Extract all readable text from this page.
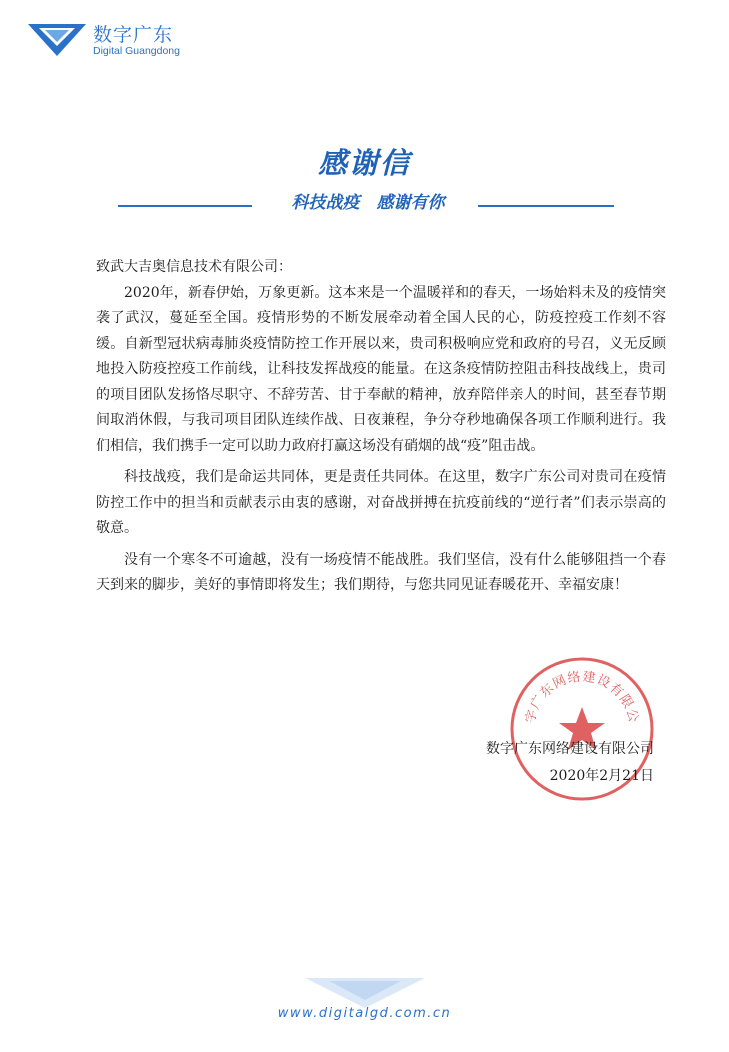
数字广东
Digital Guangdong
感谢信
科技战疫　感谢有你
致武大吉奥信息技术有限公司：

2020年，新春伊始，万象更新。这本来是一个温暖祥和的春天，一场始料未及的疫情突袭了武汉，蔓延至全国。疫情形势的不断发展牵动着全国人民的心，防疫控疫工作刻不容缓。自新型冠状病毒肺炎疫情防控工作开展以来，贵司积极响应党和政府的号召，义无反顾地投入防疫控疫工作前线，让科技发挥战疫的能量。在这条疫情防控阻击科技战线上，贵司的项目团队发扬恪尽职守、不辞劳苦、甘于奉献的精神，放弃陪伴亲人的时间，甚至春节期间取消休假，与我司项目团队连续作战、日夜兼程，争分夺秒地确保各项工作顺利进行。我们相信，我们携手一定可以助力政府打赢这场没有硝烟的战“疫”阻击战。

科技战疫，我们是命运共同体，更是责任共同体。在这里，数字广东公司对贵司在疫情防控工作中的担当和贡献表示由衷的感谢，对奋战拼搏在抗疫前线的“逆行者”们表示崇高的敬意。

没有一个寒冬不可逾越，没有一场疫情不能战胜。我们坚信，没有什么能够阻挡一个春天到来的脚步，美好的事情即将发生；我们期待，与您共同见证春暖花开、幸福安康！

字广东网络建设有限公
数字广东网络建设有限公司
2020年2月21日
www.digitalgd.com.cn
